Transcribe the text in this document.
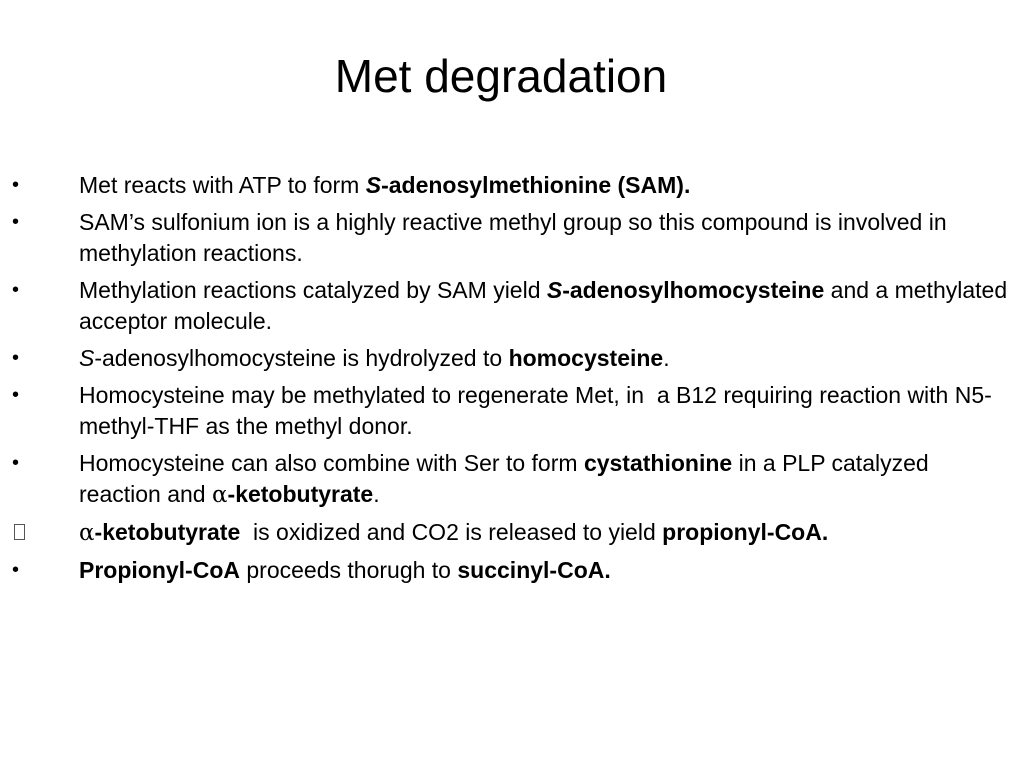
Met degradation
•	Met reacts with ATP to form S-adenosylmethionine (SAM).
•	SAM’s sulfonium ion is a highly reactive methyl group so this compound is involved in methylation reactions.
•	Methylation reactions catalyzed by SAM yield S-adenosylhomocysteine and a methylated acceptor molecule.
•	S-adenosylhomocysteine is hydrolyzed to homocysteine.
•	Homocysteine may be methylated to regenerate Met, in  a B12 requiring reaction with N5-methyl-THF as the methyl donor.
•	Homocysteine can also combine with Ser to form cystathionine in a PLP catalyzed reaction and α-ketobutyrate.
α-ketobutyrate  is oxidized and CO2 is released to yield propionyl-CoA.
•	Propionyl-CoA proceeds thorugh to succinyl-CoA.
